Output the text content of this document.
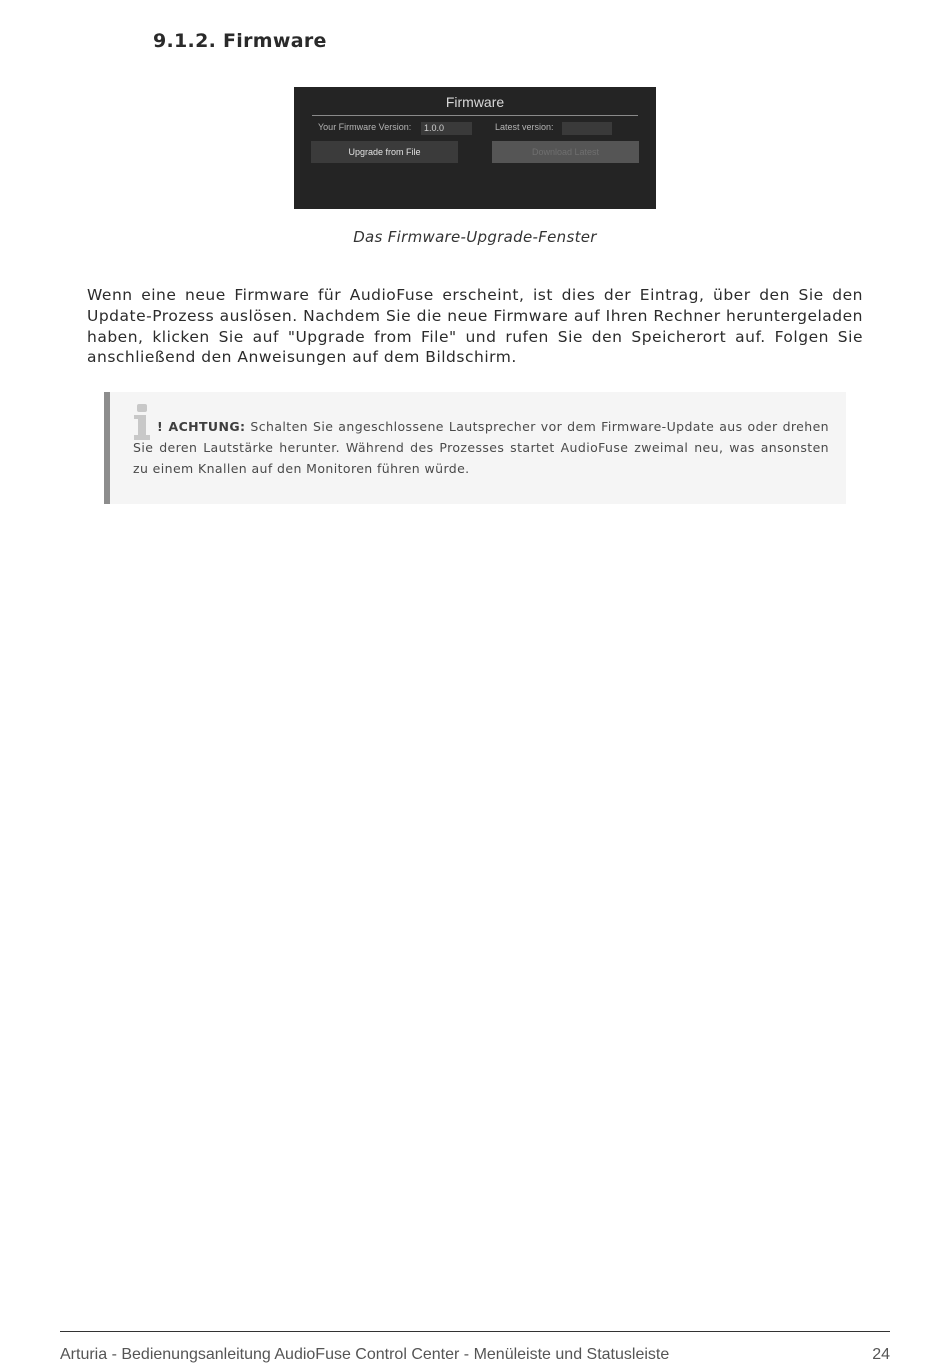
9.1.2. Firmware
Firmware
Your Firmware Version:	1.0.0	Latest version:
Upgrade from File	Download Latest
Das Firmware-Upgrade-Fenster

Wenn eine neue Firmware für AudioFuse erscheint, ist dies der Eintrag, über den Sie den Update-Prozess auslösen. Nachdem Sie die neue Firmware auf Ihren Rechner heruntergeladen haben, klicken Sie auf "Upgrade from File" und rufen Sie den Speicherort auf. Folgen Sie anschließend den Anweisungen auf dem Bildschirm.

! ACHTUNG: Schalten Sie angeschlossene Lautsprecher vor dem Firmware-Update aus oder drehen Sie deren Lautstärke herunter. Während des Prozesses startet AudioFuse zweimal neu, was ansonsten zu einem Knallen auf den Monitoren führen würde.

Arturia - Bedienungsanleitung AudioFuse Control Center - Menüleiste und Statusleiste	24
